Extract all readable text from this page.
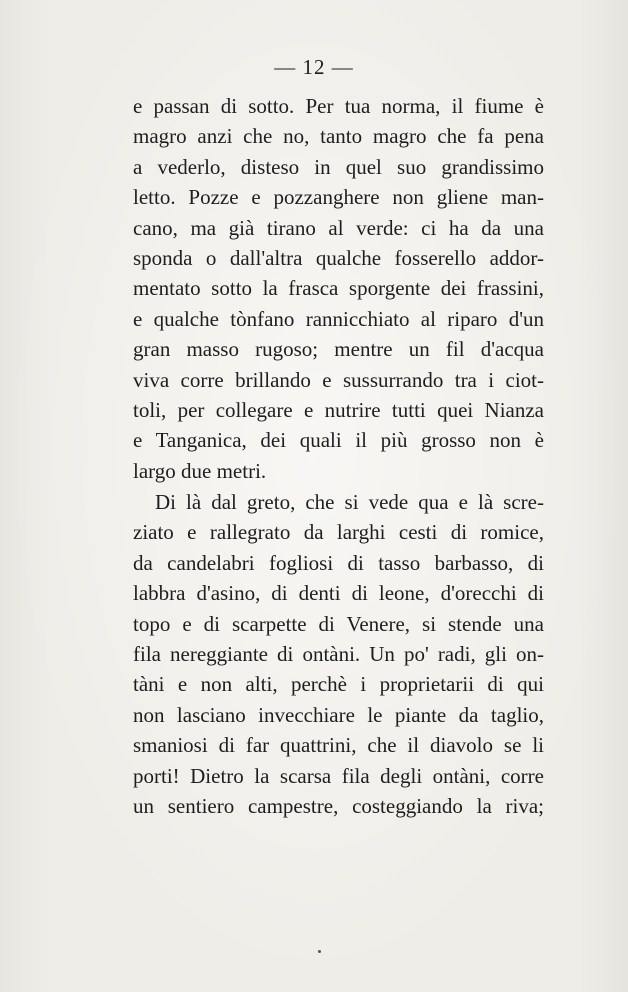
— 12 —
e passan di sotto. Per tua norma, il fiume è
magro anzi che no, tanto magro che fa pena
a vederlo, disteso in quel suo grandissimo
letto. Pozze e pozzanghere non gliene man-
cano, ma già tirano al verde: ci ha da una
sponda o dall'altra qualche fosserello addor-
mentato sotto la frasca sporgente dei frassini,
e qualche tònfano rannicchiato al riparo d'un
gran masso rugoso; mentre un fil d'acqua
viva corre brillando e sussurrando tra i ciot-
toli, per collegare e nutrire tutti quei Nianza
e Tanganica, dei quali il più grosso non è
largo due metri.
Di là dal greto, che si vede qua e là scre-
ziato e rallegrato da larghi cesti di romice,
da candelabri fogliosi di tasso barbasso, di
labbra d'asino, di denti di leone, d'orecchi di
topo e di scarpette di Venere, si stende una
fila nereggiante di ontàni. Un po' radi, gli on-
tàni e non alti, perchè i proprietarii di qui
non lasciano invecchiare le piante da taglio,
smaniosi di far quattrini, che il diavolo se li
porti! Dietro la scarsa fila degli ontàni, corre
un sentiero campestre, costeggiando la riva;
